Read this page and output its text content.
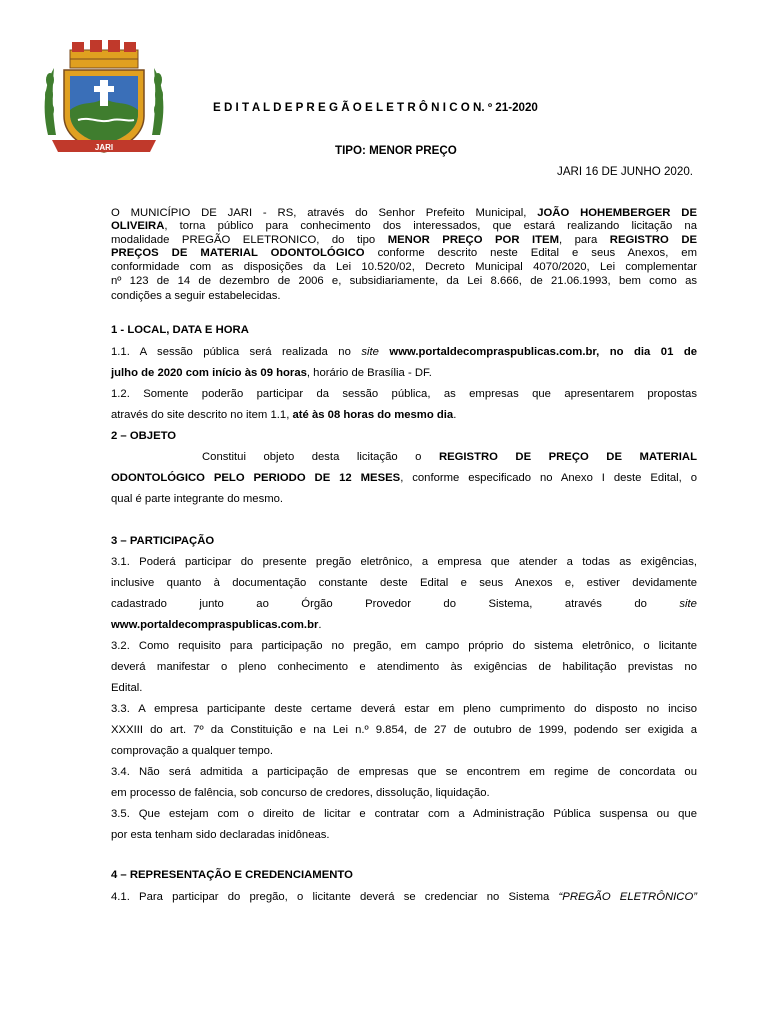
JARI
E D I T A L D E P R E G Ã O E L E T R Ô N I C O N. º 21-2020
TIPO: MENOR PREÇO
JARI 16 DE JUNHO 2020.
O MUNICÍPIO DE JARI - RS, através do Senhor Prefeito Municipal, JOÃO HOHEMBERGER DE
OLIVEIRA, torna público para conhecimento dos interessados, que estará realizando licitação na
modalidade PREGÃO ELETRONICO, do tipo MENOR PREÇO POR ITEM, para REGISTRO DE
PREÇOS DE MATERIAL ODONTOLÓGICO conforme descrito neste Edital e seus Anexos, em
conformidade com as disposições da Lei 10.520/02, Decreto Municipal 4070/2020, Lei complementar
nº 123 de 14 de dezembro de 2006 e, subsidiariamente, da Lei 8.666, de 21.06.1993, bem como as
condições a seguir estabelecidas.
1 - LOCAL, DATA E HORA
1.1. A sessão pública será realizada no site www.portaldecompraspublicas.com.br, no dia 01 de
julho de 2020 com início às 09 horas, horário de Brasília - DF.
1.2. Somente poderão participar da sessão pública, as empresas que apresentarem propostas
através do site descrito no item 1.1, até às 08 horas do mesmo dia.
2 – OBJETO
Constitui objeto desta licitação o REGISTRO DE PREÇO DE MATERIAL
ODONTOLÓGICO PELO PERIODO DE 12 MESES, conforme especificado no Anexo I deste Edital, o
qual é parte integrante do mesmo.
3 – PARTICIPAÇÃO
3.1. Poderá participar do presente pregão eletrônico, a empresa que atender a todas as exigências,
inclusive quanto à documentação constante deste Edital e seus Anexos e, estiver devidamente
cadastrado	junto	ao	Órgão	Provedor	do	Sistema,	através	do	site
www.portaldecompraspublicas.com.br.
3.2. Como requisito para participação no pregão, em campo próprio do sistema eletrônico, o licitante
deverá manifestar o pleno conhecimento e atendimento às exigências de habilitação previstas no
Edital.
3.3. A empresa participante deste certame deverá estar em pleno cumprimento do disposto no inciso
XXXIII do art. 7º da Constituição e na Lei n.º 9.854, de 27 de outubro de 1999, podendo ser exigida a
comprovação a qualquer tempo.
3.4. Não será admitida a participação de empresas que se encontrem em regime de concordata ou
em processo de falência, sob concurso de credores, dissolução, liquidação.
3.5. Que estejam com o direito de licitar e contratar com a Administração Pública suspensa ou que
por esta tenham sido declaradas inidôneas.
4 – REPRESENTAÇÃO E CREDENCIAMENTO
4.1. Para participar do pregão, o licitante deverá se credenciar no Sistema “PREGÃO ELETRÔNICO”
